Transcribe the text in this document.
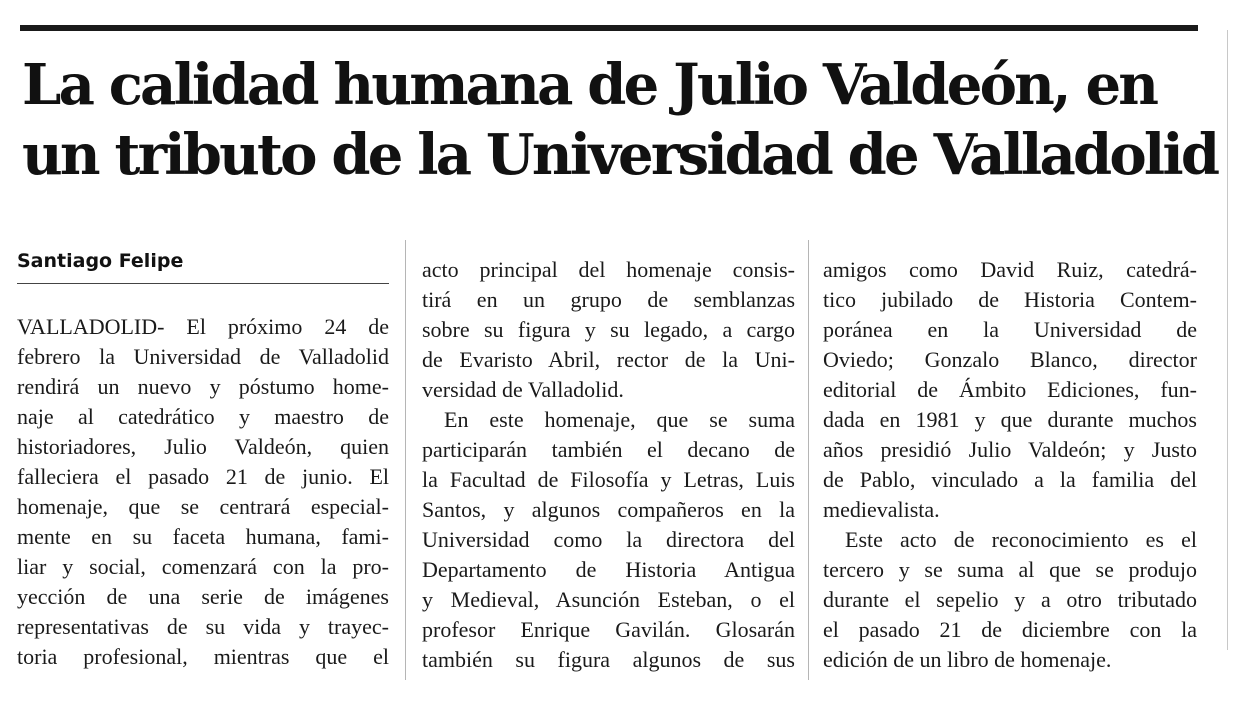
La calidad humana de Julio Valdeón, en
un tributo de la Universidad de Valladolid
Santiago Felipe
VALLADOLID- El próximo 24 de
febrero la Universidad de Valladolid
rendirá un nuevo y póstumo home-
naje al catedrático y maestro de
historiadores, Julio Valdeón, quien
falleciera el pasado 21 de junio. El
homenaje, que se centrará especial-
mente en su faceta humana, fami-
liar y social, comenzará con la pro-
yección de una serie de imágenes
representativas de su vida y trayec-
toria profesional, mientras que el
acto principal del homenaje consis-
tirá en un grupo de semblanzas
sobre su figura y su legado, a cargo
de Evaristo Abril, rector de la Uni-
versidad de Valladolid.
En este homenaje, que se suma
participarán también el decano de
la Facultad de Filosofía y Letras, Luis
Santos, y algunos compañeros en la
Universidad como la directora del
Departamento de Historia Antigua
y Medieval, Asunción Esteban, o el
profesor Enrique Gavilán. Glosarán
también su figura algunos de sus
amigos como David Ruiz, catedrá-
tico jubilado de Historia Contem-
poránea en la Universidad de
Oviedo; Gonzalo Blanco, director
editorial de Ámbito Ediciones, fun-
dada en 1981 y que durante muchos
años presidió Julio Valdeón; y Justo
de Pablo, vinculado a la familia del
medievalista.
Este acto de reconocimiento es el
tercero y se suma al que se produjo
durante el sepelio y a otro tributado
el pasado 21 de diciembre con la
edición de un libro de homenaje.
